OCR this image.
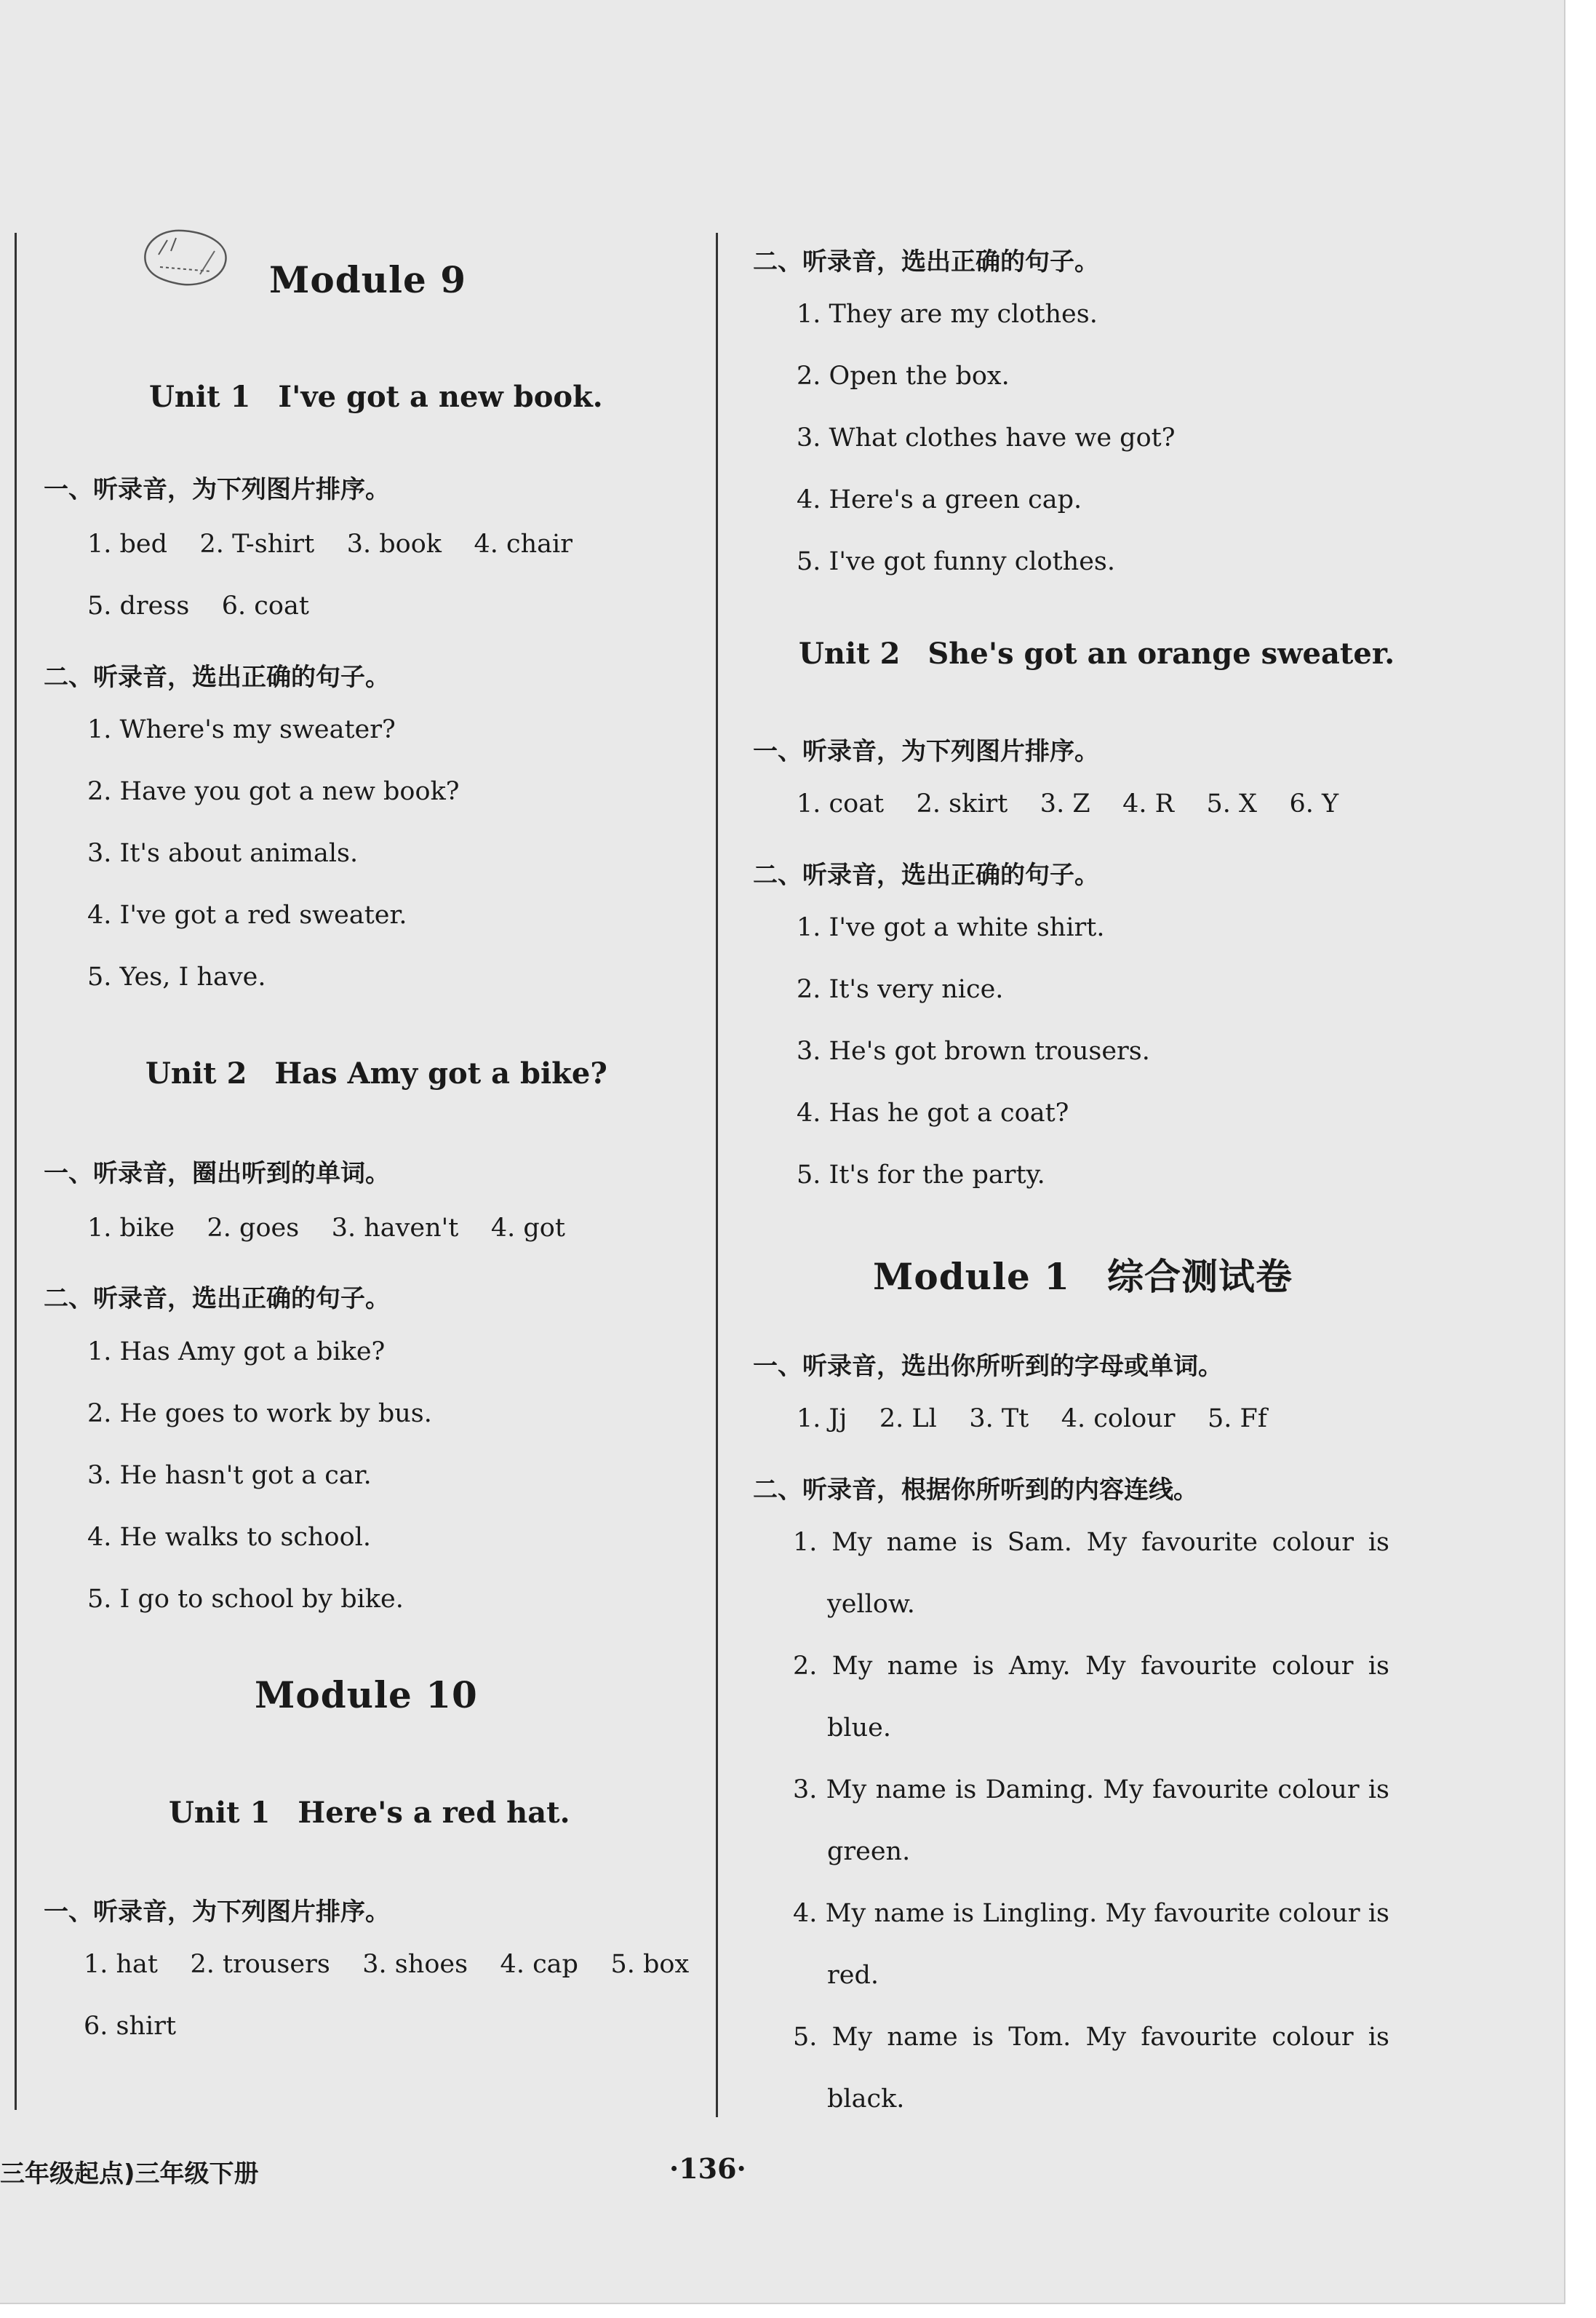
Module 9
Unit 1 I've got a new book.
一、听录音，为下列图片排序。
1. bed    2. T-shirt    3. book    4. chair
5. dress    6. coat
二、听录音，选出正确的句子。
1. Where's my sweater?
2. Have you got a new book?
3. It's about animals.
4. I've got a red sweater.
5. Yes, I have.
Unit 2 Has Amy got a bike?
一、听录音，圈出听到的单词。
1. bike    2. goes    3. haven't    4. got
二、听录音，选出正确的句子。
1. Has Amy got a bike?
2. He goes to work by bus.
3. He hasn't got a car.
4. He walks to school.
5. I go to school by bike.
Module 10
Unit 1 Here's a red hat.
一、听录音，为下列图片排序。
1. hat    2. trousers    3. shoes    4. cap    5. box
6. shirt
二、听录音，选出正确的句子。
1. They are my clothes.
2. Open the box.
3. What clothes have we got?
4. Here's a green cap.
5. I've got funny clothes.
Unit 2 She's got an orange sweater.
一、听录音，为下列图片排序。
1. coat    2. skirt    3. Z    4. R    5. X    6. Y
二、听录音，选出正确的句子。
1. I've got a white shirt.
2. It's very nice.
3. He's got brown trousers.
4. Has he got a coat?
5. It's for the party.
Module 1　综合测试卷
一、听录音，选出你所听到的字母或单词。
1. Jj    2. Ll    3. Tt    4. colour    5. Ff
二、听录音，根据你所听到的内容连线。
1. My name is Sam. My favourite colour is
yellow.
2. My name is Amy. My favourite colour is
blue.
3. My name is Daming. My favourite colour is
green.
4. My name is Lingling. My favourite colour is
red.
5. My name is Tom. My favourite colour is
black.
三年级起点)三年级下册	·136·
